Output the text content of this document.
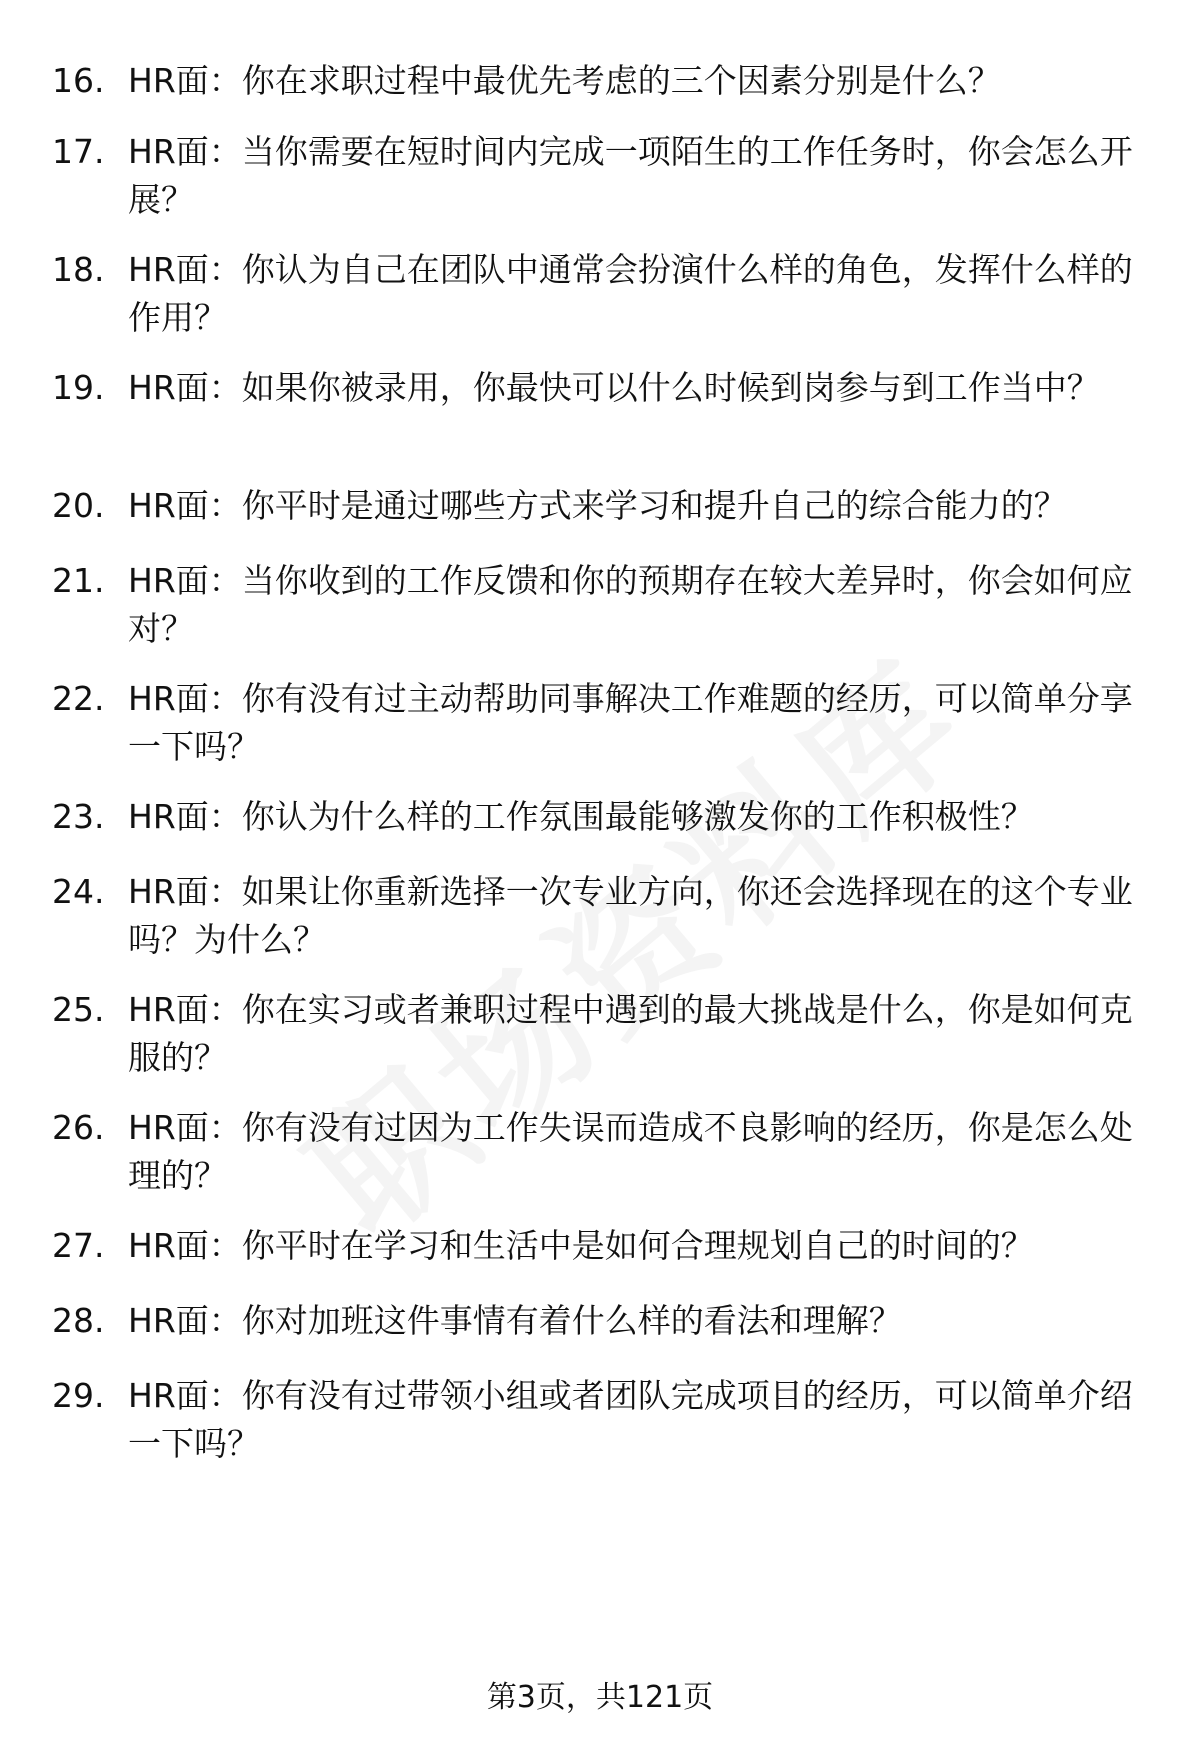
16. HR面：你在求职过程中最优先考虑的三个因素分别是什么？
17. HR面：当你需要在短时间内完成一项陌生的工作任务时，你会怎么开展？
18. HR面：你认为自己在团队中通常会扮演什么样的角色，发挥什么样的作用？
19. HR面：如果你被录用，你最快可以什么时候到岗参与到工作当中？
20. HR面：你平时是通过哪些方式来学习和提升自己的综合能力的？
21. HR面：当你收到的工作反馈和你的预期存在较大差异时，你会如何应对？
22. HR面：你有没有过主动帮助同事解决工作难题的经历，可以简单分享一下吗？
23. HR面：你认为什么样的工作氛围最能够激发你的工作积极性？
24. HR面：如果让你重新选择一次专业方向，你还会选择现在的这个专业吗？为什么？
25. HR面：你在实习或者兼职过程中遇到的最大挑战是什么，你是如何克服的？
26. HR面：你有没有过因为工作失误而造成不良影响的经历，你是怎么处理的？
27. HR面：你平时在学习和生活中是如何合理规划自己的时间的？
28. HR面：你对加班这件事情有着什么样的看法和理解？
29. HR面：你有没有过带领小组或者团队完成项目的经历，可以简单介绍一下吗？
第3页，共121页
